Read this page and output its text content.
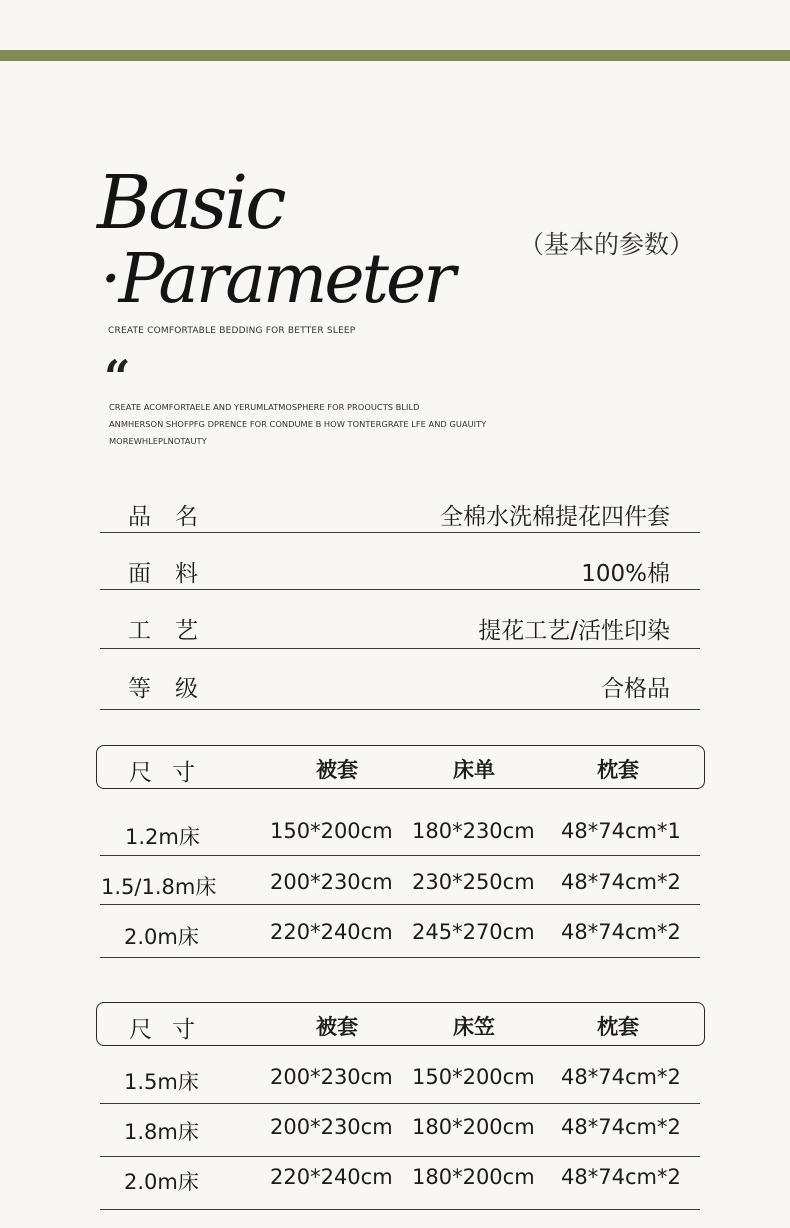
Basic
·Parameter	（基本的参数）
CREATE COMFORTABLE BEDDING FOR BETTER SLEEP
“
CREATE ACOMFORTAELE AND YERUMLATMOSPHERE FOR PROOUCTS BLILD
ANMHERSON SHOFPFG DPRENCE FOR CONDUME B HOW TONTERGRATE LFE AND GUAUITY
MOREWHLEPLNOTAUTY
品名	全棉水洗棉提花四件套
面料	100%棉
工艺	提花工艺/活性印染
等级	合格品
尺寸	被套	床单	枕套
1.2m床	150*200cm 180*230cm 48*74cm*1
1.5/1.8m床	200*230cm 230*250cm 48*74cm*2
2.0m床	220*240cm 245*270cm 48*74cm*2
尺寸	被套	床笠	枕套
1.5m床	200*230cm 150*200cm 48*74cm*2
1.8m床	200*230cm 180*200cm 48*74cm*2
2.0m床	220*240cm 180*200cm 48*74cm*2
